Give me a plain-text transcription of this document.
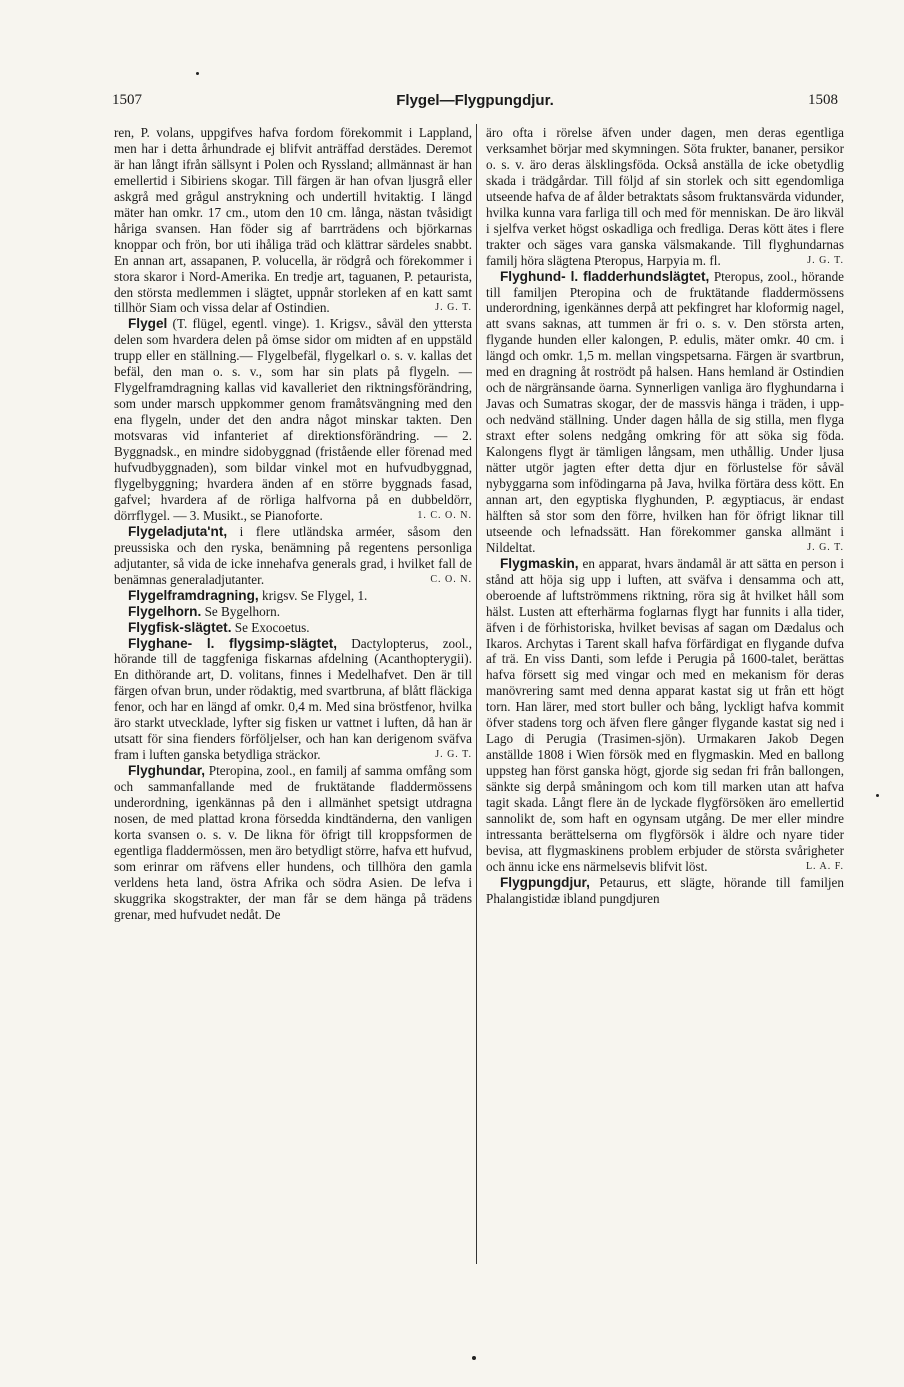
1507	Flygel—Flygpungdjur.	1508

ren, P. volans, uppgifves hafva fordom förekommit i Lappland, men har i detta århundrade ej blifvit anträffad derstädes. Deremot är han långt ifrån sällsynt i Polen och Ryssland; allmännast är han emellertid i Sibiriens skogar. Till färgen är han ofvan ljusgrå eller askgrå med grågul anstrykning och undertill hvitaktig. I längd mäter han omkr. 17 cm., utom den 10 cm. långa, nästan tvåsidigt håriga svansen. Han föder sig af barrträdens och björkarnas knoppar och frön, bor uti ihåliga träd och klättrar särdeles snabbt. En annan art, assapanen, P. volucella, är rödgrå och förekommer i stora skaror i Nord-Amerika. En tredje art, taguanen, P. petaurista, den största medlemmen i slägtet, uppnår storleken af en katt samt tillhör Siam och vissa delar af Ostindien.	J. G. T.

Flygel (T. flügel, egentl. vinge). 1. Krigsv., såväl den yttersta delen som hvardera delen på ömse sidor om midten af en uppstäld trupp eller en ställning.— Flygelbefäl, flygelkarl o. s. v. kallas det befäl, den man o. s. v., som har sin plats på flygeln. — Flygelframdragning kallas vid kavalleriet den riktningsförändring, som under marsch uppkommer genom framåtsvängning med den ena flygeln, under det den andra något minskar takten. Den motsvaras vid infanteriet af direktionsförändring. — 2. Byggnadsk., en mindre sidobyggnad (fristående eller förenad med hufvudbyggnaden), som bildar vinkel mot en hufvudbyggnad, flygelbyggning; hvardera änden af en större byggnads fasad, gafvel; hvardera af de rörliga halfvorna på en dubbeldörr, dörrflygel. — 3. Musikt., se Pianoforte.	1. C. O. N.

Flygeladjuta'nt, i flere utländska arméer, såsom den preussiska och den ryska, benämning på regentens personliga adjutanter, så vida de icke innehafva generals grad, i hvilket fall de benämnas generaladjutanter.	C. O. N.

Flygelframdragning, krigsv. Se Flygel, 1.

Flygelhorn. Se Bygelhorn.

Flygfisk-slägtet. Se Exocoetus.

Flyghane- l. flygsimp-slägtet, Dactylopterus, zool., hörande till de taggfeniga fiskarnas afdelning (Acanthopterygii). En dithörande art, D. volitans, finnes i Medelhafvet. Den är till färgen ofvan brun, under rödaktig, med svartbruna, af blått fläckiga fenor, och har en längd af omkr. 0,4 m. Med sina bröstfenor, hvilka äro starkt utvecklade, lyfter sig fisken ur vattnet i luften, då han är utsatt för sina fienders förföljelser, och han kan derigenom sväfva fram i luften ganska betydliga sträckor.	J. G. T.

Flyghundar, Pteropina, zool., en familj af samma omfång som och sammanfallande med de fruktätande fladdermössens underordning, igenkännas på den i allmänhet spetsigt utdragna nosen, de med plattad krona försedda kindtänderna, den vanligen korta svansen o. s. v. De likna för öfrigt till kroppsformen de egentliga fladdermössen, men äro betydligt större, hafva ett hufvud, som erinrar om räfvens eller hundens, och tillhöra den gamla verldens heta land, östra Afrika och södra Asien. De lefva i skuggrika skogstrakter, der man får se dem hänga på trädens grenar, med hufvudet nedåt. De

äro ofta i rörelse äfven under dagen, men deras egentliga verksamhet börjar med skymningen. Söta frukter, bananer, persikor o. s. v. äro deras älsklingsföda. Också anställa de icke obetydlig skada i trädgårdar. Till följd af sin storlek och sitt egendomliga utseende hafva de af ålder betraktats såsom fruktansvärda vidunder, hvilka kunna vara farliga till och med för menniskan. De äro likväl i sjelfva verket högst oskadliga och fredliga. Deras kött ätes i flere trakter och säges vara ganska välsmakande. Till flyghundarnas familj höra slägtena Pteropus, Harpyia m. fl.	J. G. T.

Flyghund- l. fladderhundslägtet, Pteropus, zool., hörande till familjen Pteropina och de fruktätande fladdermössens underordning, igenkännes derpå att pekfingret har kloformig nagel, att svans saknas, att tummen är fri o. s. v. Den största arten, flygande hunden eller kalongen, P. edulis, mäter omkr. 40 cm. i längd och omkr. 1,5 m. mellan vingspetsarna. Färgen är svartbrun, med en dragning åt roströdt på halsen. Hans hemland är Ostindien och de närgränsande öarna. Synnerligen vanliga äro flyghundarna i Javas och Sumatras skogar, der de massvis hänga i träden, i upp- och nedvänd ställning. Under dagen hålla de sig stilla, men flyga straxt efter solens nedgång omkring för att söka sig föda. Kalongens flygt är tämligen långsam, men uthållig. Under ljusa nätter utgör jagten efter detta djur en förlustelse för såväl nybyggarna som infödingarna på Java, hvilka förtära dess kött. En annan art, den egyptiska flyghunden, P. ægyptiacus, är endast hälften så stor som den förre, hvilken han för öfrigt liknar till utseende och lefnadssätt. Han förekommer ganska allmänt i Nildeltat.	J. G. T.

Flygmaskin, en apparat, hvars ändamål är att sätta en person i stånd att höja sig upp i luften, att sväfva i densamma och att, oberoende af luftströmmens riktning, röra sig åt hvilket håll som hälst. Lusten att efterhärma foglarnas flygt har funnits i alla tider, äfven i de förhistoriska, hvilket bevisas af sagan om Dædalus och Ikaros. Archytas i Tarent skall hafva förfärdigat en flygande dufva af trä. En viss Danti, som lefde i Perugia på 1600-talet, berättas hafva försett sig med vingar och med en mekanism för deras manövrering samt med denna apparat kastat sig ut från ett högt torn. Han lärer, med stort buller och bång, lyckligt hafva kommit öfver stadens torg och äfven flere gånger flygande kastat sig ned i Lago di Perugia (Trasimen-sjön). Urmakaren Jakob Degen anställde 1808 i Wien försök med en flygmaskin. Med en ballong uppsteg han först ganska högt, gjorde sig sedan fri från ballongen, sänkte sig derpå småningom och kom till marken utan att hafva tagit skada. Långt flere än de lyckade flygförsöken äro emellertid sannolikt de, som haft en ogynsam utgång. De mer eller mindre intressanta berättelserna om flygförsök i äldre och nyare tider bevisa, att flygmaskinens problem erbjuder de största svårigheter och ännu icke ens närmelsevis blifvit löst.	L. A. F.

Flygpungdjur, Petaurus, ett slägte, hörande till familjen Phalangistidæ ibland pungdjuren
